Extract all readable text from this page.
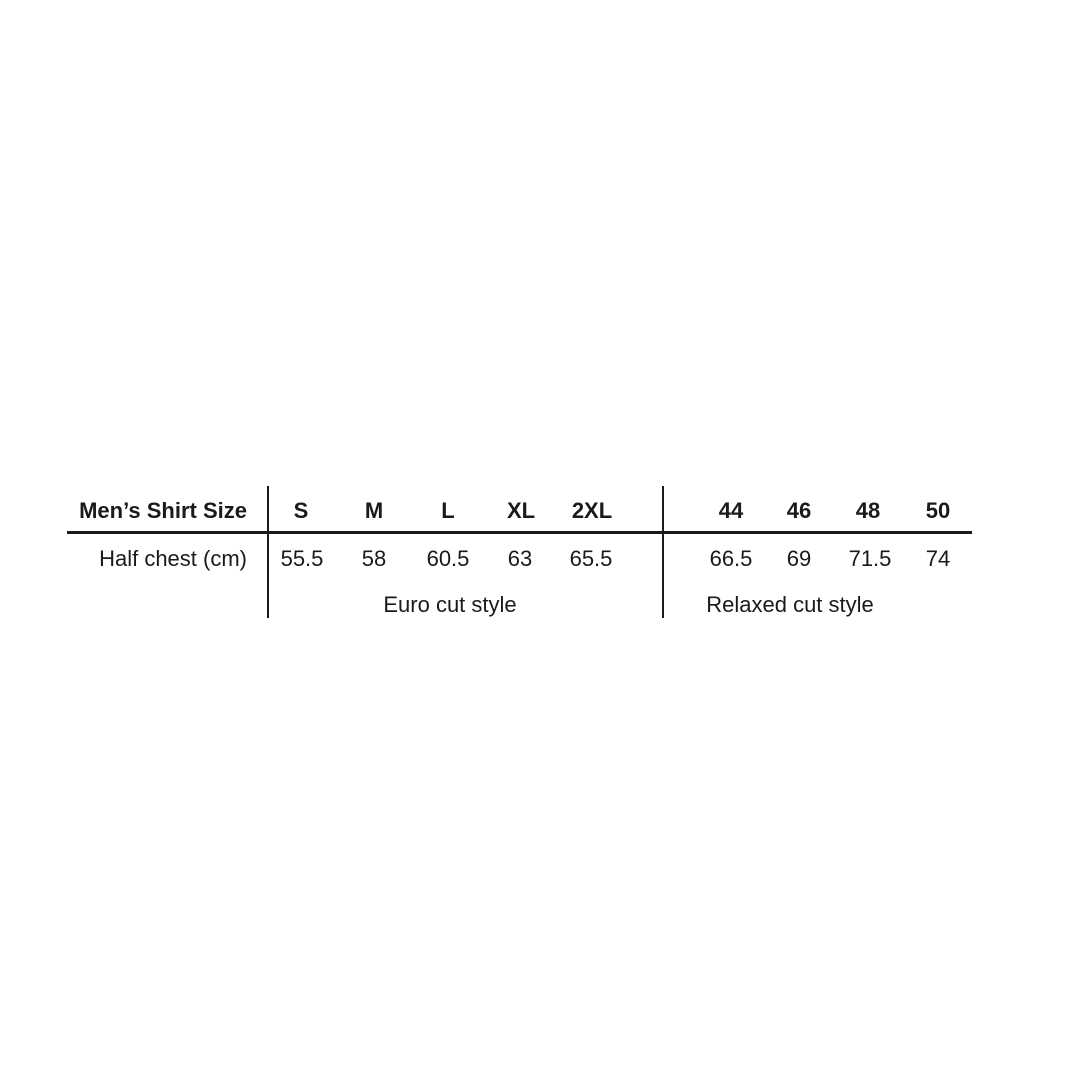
Men’s Shirt Size S	M	L XL 2XL	44 46 48 50
Half chest (cm) 55.5 58 60.5 63 65.5	66.5 69 71.5 74
Euro cut style	Relaxed cut style
